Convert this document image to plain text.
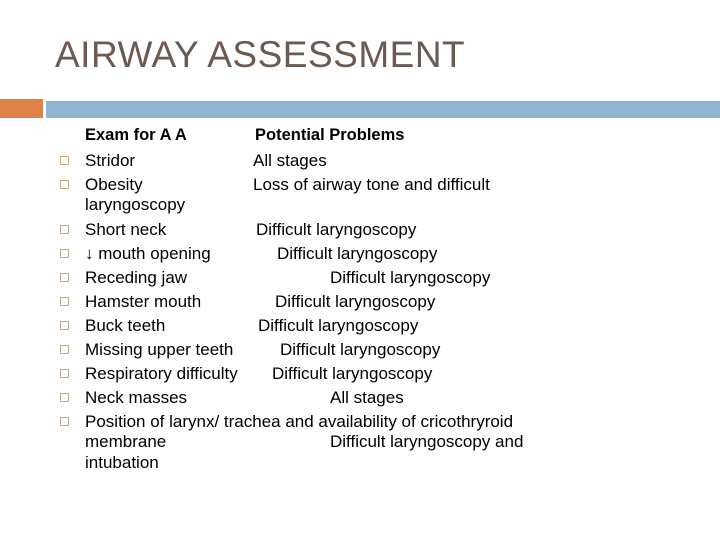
AIRWAY ASSESSMENT
Exam for A A	Potential Problems
Stridor	All stages
Obesity	Loss of airway tone and difficult
laryngoscopy
Short neck	Difficult laryngoscopy
↓ mouth opening	Difficult laryngoscopy
Receding jaw	Difficult laryngoscopy
Hamster mouth	Difficult laryngoscopy
Buck teeth	Difficult laryngoscopy
Missing upper teeth	Difficult laryngoscopy
Respiratory difficulty Difficult laryngoscopy
Neck masses	All stages
Position of larynx/ trachea and availability of cricothryroid
membrane	Difficult laryngoscopy and
intubation
